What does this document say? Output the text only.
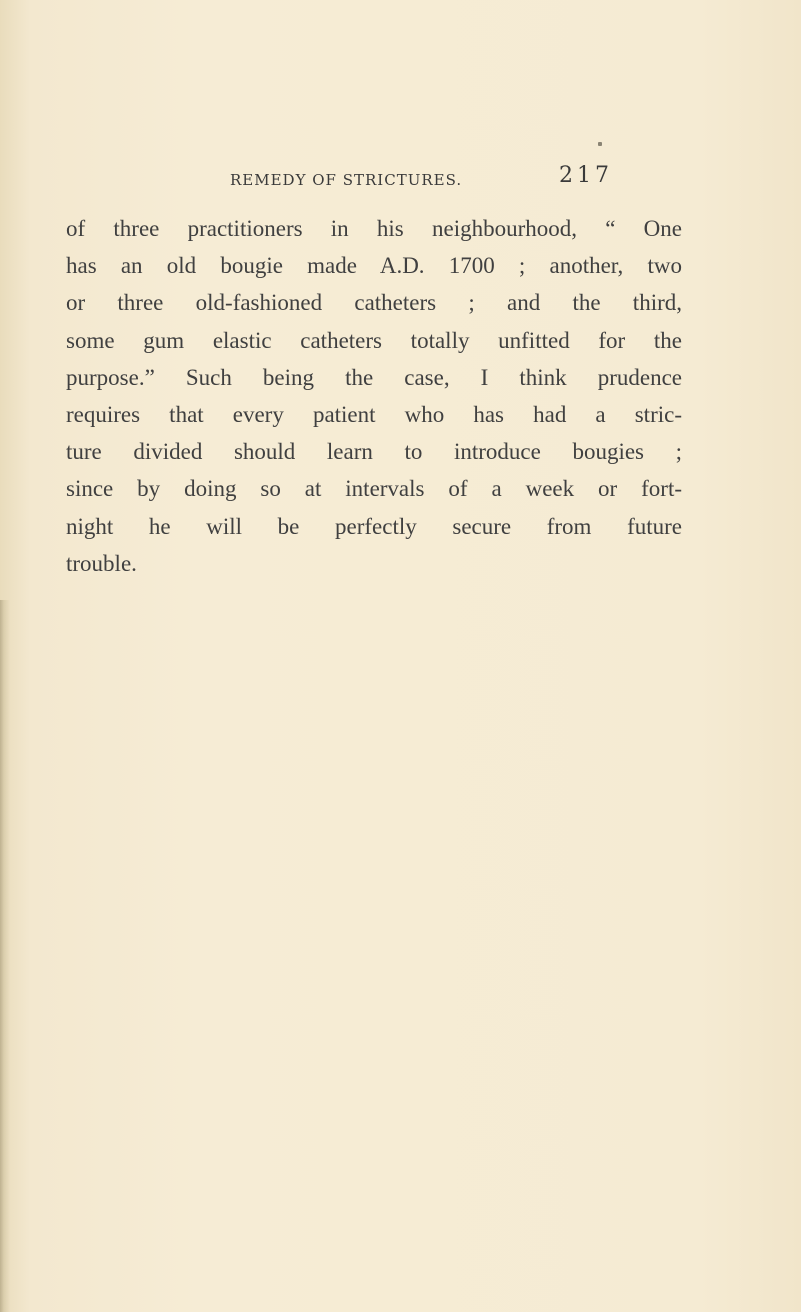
REMEDY OF STRICTURES.	217
of three practitioners in his neighbourhood, “ One
has an old bougie made A.D. 1700 ; another, two
or three old-fashioned catheters ; and the third,
some gum elastic catheters totally unfitted for the
purpose.” Such being the case, I think prudence
requires that every patient who has had a stric-
ture divided should learn to introduce bougies ;
since by doing so at intervals of a week or fort-
night he will be perfectly secure from future
trouble.
